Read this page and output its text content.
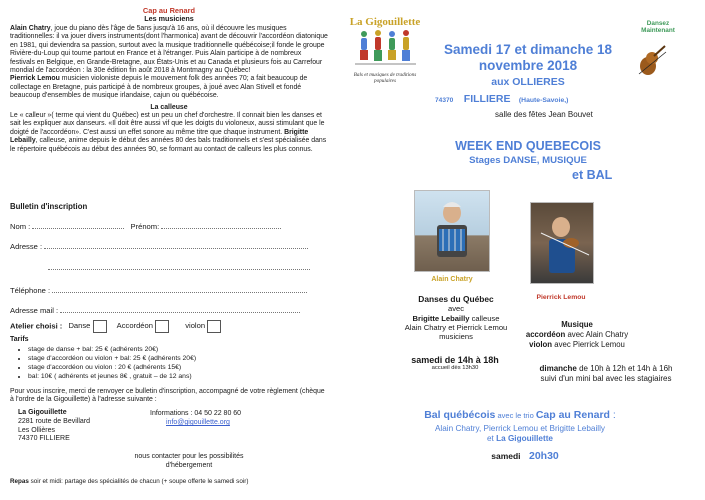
Cap au Renard
Les musiciens
Alain Chatry, joue du piano dès l'âge de 5ans jusqu'à 16 ans, où il découvre les musiques traditionnelles: il va jouer divers instruments(dont l'harmonica) avant de découvrir l'accordéon diatonique en 1981, qui deviendra sa passion, surtout avec la musique traditionnelle québécoise;il fonde le groupe Rivière-du-Loup qui tourne partout en France et à l'étranger. Puis Alain participe à de nombreux festivals en Belgique, en Grande-Bretagne, aux États-Unis et au Canada et plusieurs fois au Carrefour mondial de l'accordéon : la 30e édition fin août 2018 à Montmagny au Québec!
Pierrick Lemou musicien violoniste depuis le mouvement folk des années 70; a fait beaucoup de collectage en Bretagne, puis participé à de nombreux groupes, à joué avec Alan Stivell et fondé beaucoup d'ensembles de musique irlandaise, cajun ou québécoise.
La calleuse
Le « calleur »( terme qui vient du Québec) est un peu un chef d'orchestre. Il connait bien les danses et sait les expliquer aux danseurs. «Il doit être aussi vif que les doigts du violoneux, aussi stimulant que le doigté de l'accordéon». C'est aussi un effet sonore au même titre que chaque instrument. Brigitte Lebailly, calleuse, anime depuis le début des années 80 des bals traditionnels et s'est spécialisée dans le répertoire québécois au début des années 90, se formant au contact de calleurs les plus connus.
Bulletin d'inscription
Nom :	Prénom:
Adresse :
Téléphone :
Adresse mail :
Atelier choisi : Danse	Accordéon	violon
Tarifs
• stage de danse + bal: 25 € (adhérents 20€)
• stage d'accordéon ou violon + bal: 25 € (adhérents 20€)
• stage d'accordéon ou violon : 20 € (adhérents 15€)
• bal: 10€ ( adhérents et jeunes 8€ , gratuit – de 12 ans)
Pour vous inscrire, merci de renvoyer ce bulletin d'inscription, accompagné de votre règlement (chèque à l'ordre de la Gigouillette) à l'adresse suivante :
La Gigouillette
2281 route de Bevillard
Les Ollières
74370 FILLIERE
Informations : 04 50 22 80 60
info@gigouillette.org
nous contacter pour les possibilités
d'hébergement
Repas soir et midi: partage des spécialités de chacun (+ soupe offerte le samedi soir)
La Gigouillette
Bals et musiques de traditions populaires
Dansez
Maintenant
Samedi 17 et dimanche 18
novembre 2018
aux OLLIERES
74370 FILLIERE (Haute-Savoie,)
salle des fêtes Jean Bouvet
WEEK END QUEBECOIS
Stages DANSE, MUSIQUE
et BAL
Alain Chatry
Pierrick Lemou
Danses du Québec
avec
Brigitte Lebailly calleuse
Alain Chatry et Pierrick Lemou
musiciens
samedi de 14h à 18h
accueil dès 13h30
Musique
accordéon avec Alain Chatry
violon avec Pierrick Lemou
dimanche de 10h à 12h et 14h à 16h
suivi d'un mini bal avec les stagiaires
Bal québécois avec le trio Cap au Renard :
Alain Chatry, Pierrick Lemou et Brigitte Lebailly
et La Gigouillette
samedi 20h30
